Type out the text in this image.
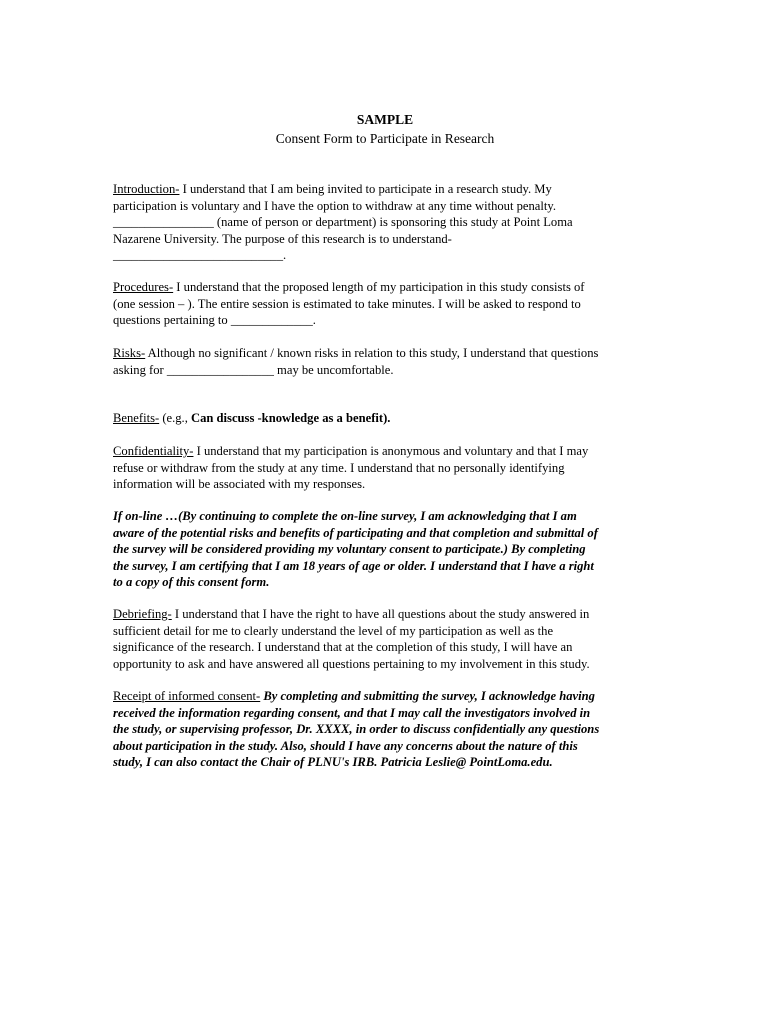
SAMPLE
Consent Form to Participate in Research
Introduction- I understand that I am being invited to participate in a research study. My
participation is voluntary and I have the option to withdraw at any time without penalty.
________________ (name of person or department) is sponsoring this study at Point Loma
Nazarene University. The purpose of this research is to understand-
___________________________.
Procedures- I understand that the proposed length of my participation in this study consists of
(one session – ). The entire session is estimated to take minutes. I will be asked to respond to
questions pertaining to _____________.
Risks- Although no significant / known risks in relation to this study, I understand that questions
asking for _________________ may be uncomfortable.
Benefits- (e.g., Can discuss -knowledge as a benefit).
Confidentiality- I understand that my participation is anonymous and voluntary and that I may
refuse or withdraw from the study at any time. I understand that no personally identifying
information will be associated with my responses.
If on-line …(By continuing to complete the on-line survey, I am acknowledging that I am
aware of the potential risks and benefits of participating and that completion and submittal of
the survey will be considered providing my voluntary consent to participate.) By completing
the survey, I am certifying that I am 18 years of age or older. I understand that I have a right
to a copy of this consent form.
Debriefing- I understand that I have the right to have all questions about the study answered in
sufficient detail for me to clearly understand the level of my participation as well as the
significance of the research. I understand that at the completion of this study, I will have an
opportunity to ask and have answered all questions pertaining to my involvement in this study.
Receipt of informed consent- By completing and submitting the survey, I acknowledge having
received the information regarding consent, and that I may call the investigators involved in
the study, or supervising professor, Dr. XXXX, in order to discuss confidentially any questions
about participation in the study. Also, should I have any concerns about the nature of this
study, I can also contact the Chair of PLNU's IRB. Patricia Leslie@ PointLoma.edu.
